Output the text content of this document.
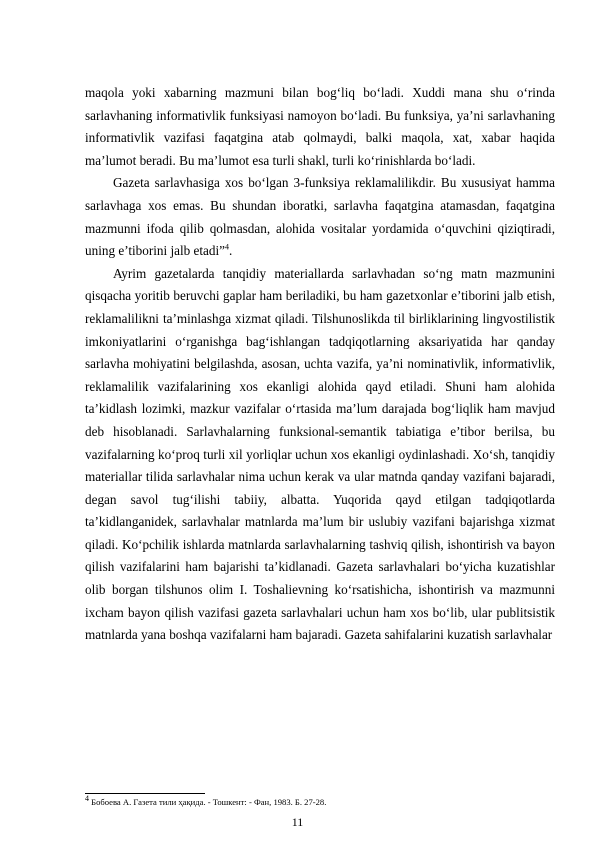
maqola yoki xabarning mazmuni bilan bog‘liq bo‘ladi. Xuddi mana shu o‘rinda sarlavhaning informativlik funksiyasi namoyon bo‘ladi. Bu funksiya, ya’ni sarlavhaning informativlik vazifasi faqatgina atab qolmaydi, balki maqola, xat, xabar haqida ma’lumot beradi. Bu ma’lumot esa turli shakl, turli ko‘rinishlarda bo‘ladi.

Gazeta sarlavhasiga xos bo‘lgan 3-funksiya reklamalilikdir. Bu xususiyat hamma sarlavhaga xos emas. Bu shundan iboratki, sarlavha faqatgina atamasdan, faqatgina mazmunni ifoda qilib qolmasdan, alohida vositalar yordamida o‘quvchini qiziqtiradi, uning e’tiborini jalb etadi”$^4$.

Ayrim gazetalarda tanqidiy materiallarda sarlavhadan so‘ng matn mazmunini qisqacha yoritib beruvchi gaplar ham beriladiki, bu ham gazetxonlar e’tiborini jalb etish, reklamalilikni ta’minlashga xizmat qiladi. Tilshunoslikda til birliklarining lingvostilistik imkoniyatlarini o‘rganishga bag‘ishlangan tadqiqotlarning aksariyatida har qanday sarlavha mohiyatini belgilashda, asosan, uchta vazifa, ya’ni nominativlik, informativlik, reklamalilik vazifalarining xos ekanligi alohida qayd etiladi. Shuni ham alohida ta’kidlash lozimki, mazkur vazifalar o‘rtasida ma’lum darajada bog‘liqlik ham mavjud deb hisoblanadi. Sarlavhalarning funksional-semantik tabiatiga e’tibor berilsa, bu vazifalarning ko‘proq turli xil yorliqlar uchun xos ekanligi oydinlashadi. Xo‘sh, tanqidiy materiallar tilida sarlavhalar nima uchun kerak va ular matnda qanday vazifani bajaradi, degan savol tug‘ilishi tabiiy, albatta. Yuqorida qayd etilgan tadqiqotlarda ta’kidlanganidek, sarlavhalar matnlarda ma’lum bir uslubiy vazifani bajarishga xizmat qiladi. Ko‘pchilik ishlarda matnlarda sarlavhalarning tashviq qilish, ishontirish va bayon qilish vazifalarini ham bajarishi ta’kidlanadi. Gazeta sarlavhalari bo‘yicha kuzatishlar olib borgan tilshunos olim I. Toshalievning ko‘rsatishicha, ishontirish va mazmunni ixcham bayon qilish vazifasi gazeta sarlavhalari uchun ham xos bo‘lib, ular publitsistik matnlarda yana boshqa vazifalarni ham bajaradi. Gazeta sahifalarini kuzatish sarlavhalar

$^4$ Бобоева А. Газета тили ҳақида. - Тошкент: - Фан, 1983. Б. 27-28.
11
